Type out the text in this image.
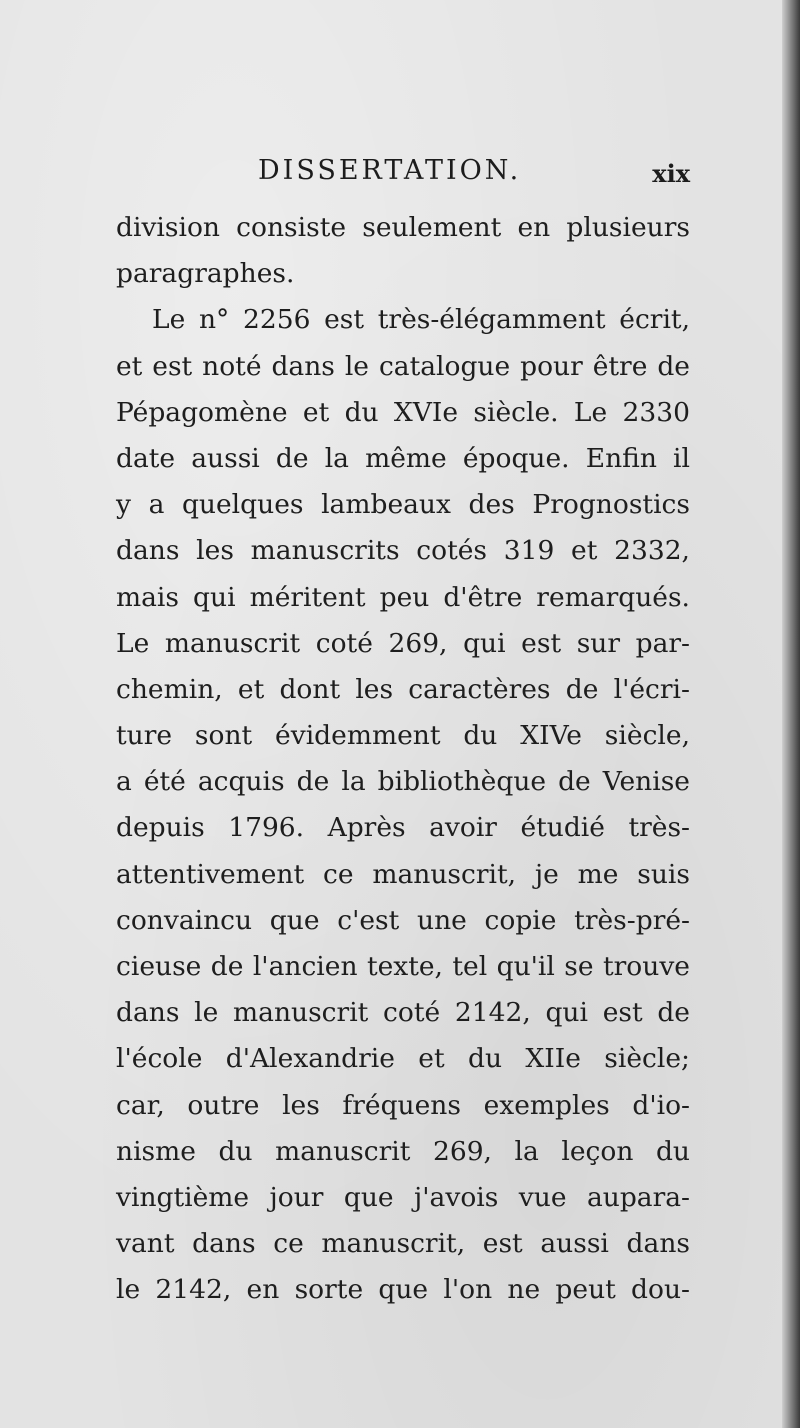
DISSERTATION.	xix
division consiste seulement en plusieurs
paragraphes.
Le n° 2256 est très-élégamment écrit,
et est noté dans le catalogue pour être de
Pépagomène et du XVIe siècle. Le 2330
date aussi de la même époque. Enfin il
y a quelques lambeaux des Prognostics
dans les manuscrits cotés 319 et 2332,
mais qui méritent peu d'être remarqués.
Le manuscrit coté 269, qui est sur par-
chemin, et dont les caractères de l'écri-
ture sont évidemment du XIVe siècle,
a été acquis de la bibliothèque de Venise
depuis 1796. Après avoir étudié très-
attentivement ce manuscrit, je me suis
convaincu que c'est une copie très-pré-
cieuse de l'ancien texte, tel qu'il se trouve
dans le manuscrit coté 2142, qui est de
l'école d'Alexandrie et du XIIe siècle;
car, outre les fréquens exemples d'io-
nisme du manuscrit 269, la leçon du
vingtième jour que j'avois vue aupara-
vant dans ce manuscrit, est aussi dans
le 2142, en sorte que l'on ne peut dou-
